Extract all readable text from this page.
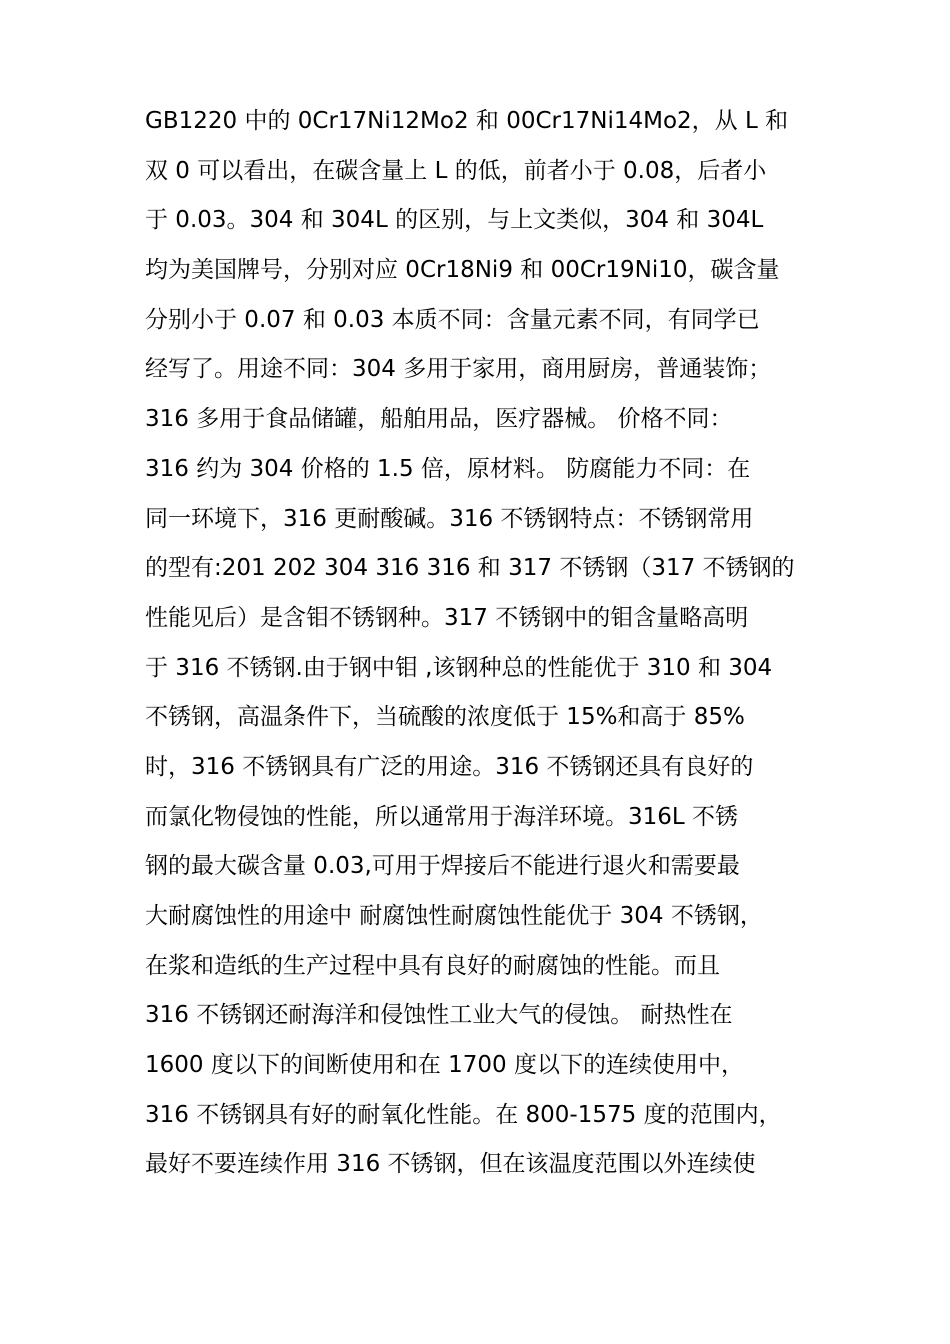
GB1220 中的 0Cr17Ni12Mo2 和 00Cr17Ni14Mo2，从 L 和
双 0 可以看出，在碳含量上 L 的低，前者小于 0.08，后者小
于 0.03。304 和 304L 的区别，与上文类似，304 和 304L
均为美国牌号，分别对应 0Cr18Ni9 和 00Cr19Ni10，碳含量
分别小于 0.07 和 0.03 本质不同：含量元素不同，有同学已
经写了。用途不同：304 多用于家用，商用厨房，普通装饰；
316 多用于食品储罐，船舶用品，医疗器械。 价格不同：
316 约为 304 价格的 1.5 倍，原材料。 防腐能力不同：在
同一环境下，316 更耐酸碱。316 不锈钢特点：不锈钢常用
的型有:201 202 304 316 316 和 317 不锈钢（317 不锈钢的
性能见后）是含钼不锈钢种。317 不锈钢中的钼含量略高明
于 316 不锈钢.由于钢中钼 ,该钢种总的性能优于 310 和 304
不锈钢，高温条件下，当硫酸的浓度低于 15%和高于 85%
时，316 不锈钢具有广泛的用途。316 不锈钢还具有良好的
而氯化物侵蚀的性能，所以通常用于海洋环境。316L 不锈
钢的最大碳含量 0.03,可用于焊接后不能进行退火和需要最
大耐腐蚀性的用途中 耐腐蚀性耐腐蚀性能优于 304 不锈钢，
在浆和造纸的生产过程中具有良好的耐腐蚀的性能。而且
316 不锈钢还耐海洋和侵蚀性工业大气的侵蚀。 耐热性在
1600 度以下的间断使用和在 1700 度以下的连续使用中，
316 不锈钢具有好的耐氧化性能。在 800-1575 度的范围内，
最好不要连续作用 316 不锈钢，但在该温度范围以外连续使
